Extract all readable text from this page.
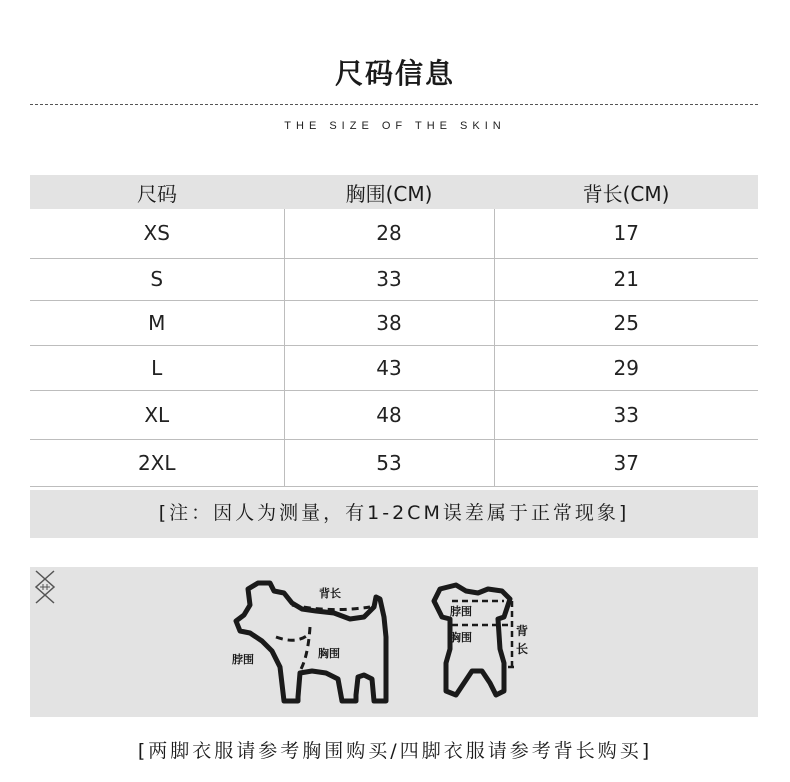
尺码信息
THE SIZE OF THE SKIN
尺码	胸围(CM)	背长(CM)
XS	28	17
S	33	21
M	38	25
L	43	29
XL	48	33
2XL	53	37
[注：因人为测量，有1-2CM误差属于正常现象]
背长
脖围	胸围
脖围
胸围	背
长
[两脚衣服请参考胸围购买/四脚衣服请参考背长购买]
